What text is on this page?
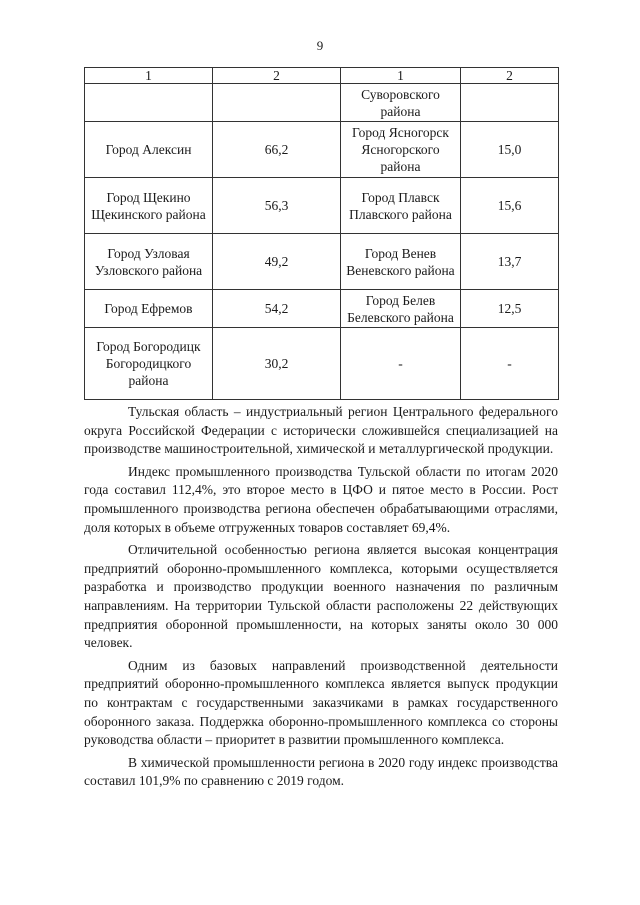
9
1	2	1	2
		Суворовского района	
Город Алексин	66,2	Город Ясногорск Ясногорского района	15,0
Город Щекино Щекинского района	56,3	Город Плавск Плавского района	15,6
Город Узловая Узловского района	49,2	Город Венев Веневского района	13,7
Город Ефремов	54,2	Город Белев Белевского района	12,5
Город Богородицк Богородицкого района	30,2	-	-

Тульская область – индустриальный регион Центрального федерального округа Российской Федерации с исторически сложившейся специализацией на производстве машиностроительной, химической и металлургической продукции.

Индекс промышленного производства Тульской области по итогам 2020 года составил 112,4%, это второе место в ЦФО и пятое место в России. Рост промышленного производства региона обеспечен обрабатывающими отраслями, доля которых в объеме отгруженных товаров составляет 69,4%.

Отличительной особенностью региона является высокая концентрация предприятий оборонно-промышленного комплекса, которыми осуществляется разработка и производство продукции военного назначения по различным направлениям. На территории Тульской области расположены 22 действующих предприятия оборонной промышленности, на которых заняты около 30 000 человек.

Одним из базовых направлений производственной деятельности предприятий оборонно-промышленного комплекса является выпуск продукции по контрактам с государственными заказчиками в рамках государственного оборонного заказа. Поддержка оборонно-промышленного комплекса со стороны руководства области – приоритет в развитии промышленного комплекса.

В химической промышленности региона в 2020 году индекс производства составил 101,9% по сравнению с 2019 годом.
